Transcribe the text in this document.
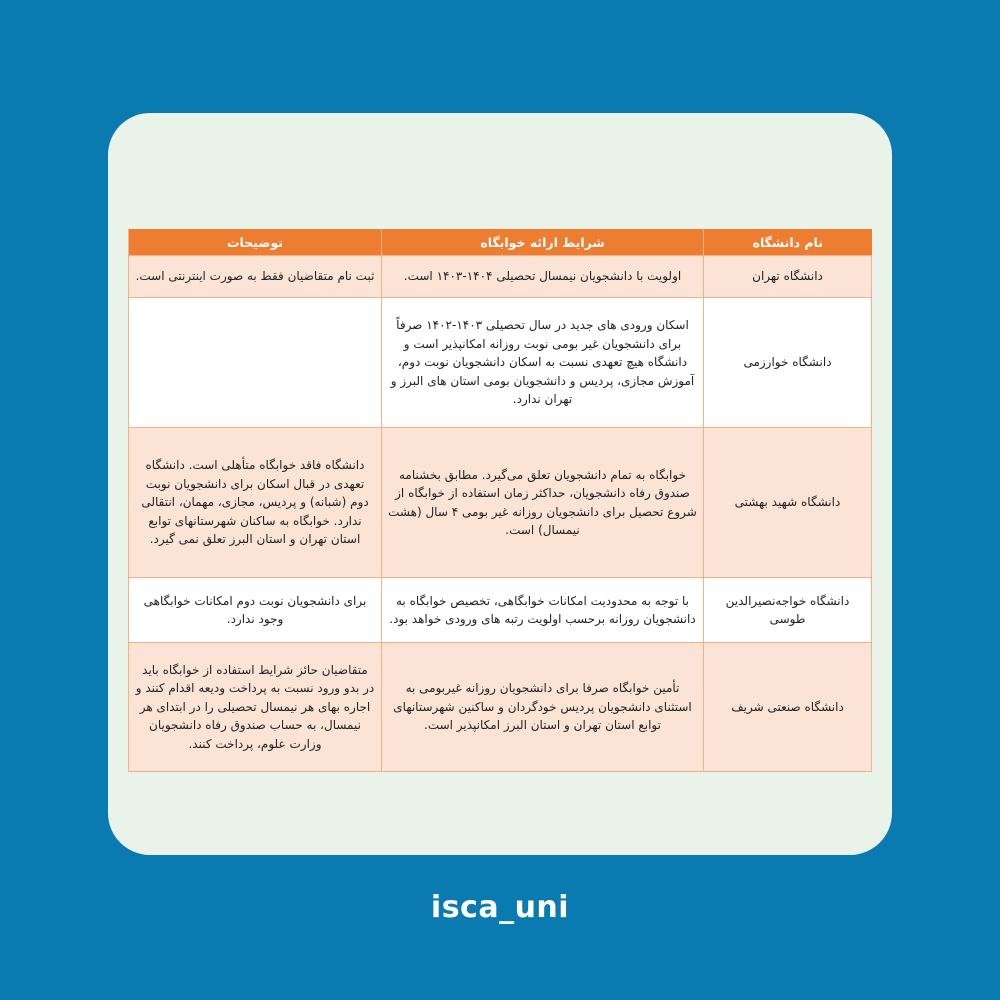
نام دانشگاه	شرایط ارائه خوابگاه	توضیحات
دانشگاه تهران	اولویت با دانشجویان نیمسال تحصیلی ۱۴۰۴-۱۴۰۳ است.	ثبت نام متقاضیان فقط به صورت اینترنتی است.
دانشگاه خوارزمی	اسکان ورودی های جدید در سال تحصیلی ۱۴۰۳-۱۴۰۲ صرفاً برای دانشجویان غیر بومی نوبت روزانه امکانپذیر است و دانشگاه هیچ تعهدی نسبت به اسکان دانشجویان نوبت دوم، آموزش مجازی، پردیس و دانشجویان بومی استان های البرز و تهران ندارد.	
دانشگاه شهید بهشتی	خوابگاه به تمام دانشجویان تعلق می‌گیرد. مطابق بخشنامه صندوق رفاه دانشجویان، حداکثر زمان استفاده از خوابگاه از شروع تحصیل برای دانشجویان روزانه غیر بومی ۴ سال (هشت نیمسال) است.	دانشگاه فاقد خوابگاه متأهلی است. دانشگاه تعهدی در قبال اسکان برای دانشجویان نوبت دوم (شبانه) و پردیس، مجازی، مهمان، انتقالی ندارد. خوابگاه به ساکنان شهرستانهای توابع استان تهران و استان البرز تعلق نمی گیرد.
دانشگاه خواجه‌نصیرالدین طوسی	با توجه به محدودیت امکانات خوابگاهی، تخصیص خوابگاه به دانشجویان روزانه برحسب اولویت رتبه های ورودی خواهد بود.	برای دانشجویان نوبت دوم امکانات خوابگاهی وجود ندارد.
دانشگاه صنعتی شریف	تأمین خوابگاه صرفا برای دانشجویان روزانه غیربومی به استثنای دانشجویان پردیس خودگردان و ساکنین شهرستانهای توابع استان تهران و استان البرز امکانپذیر است.	متقاضیان حائز شرایط استفاده از خوابگاه باید در بدو ورود نسبت به پرداخت ودیعه اقدام کنند و اجاره بهای هر نیمسال تحصیلی را در ابتدای هر نیمسال، به حساب صندوق رفاه دانشجویان وزارت علوم، پرداخت کنند.
isca_uni
